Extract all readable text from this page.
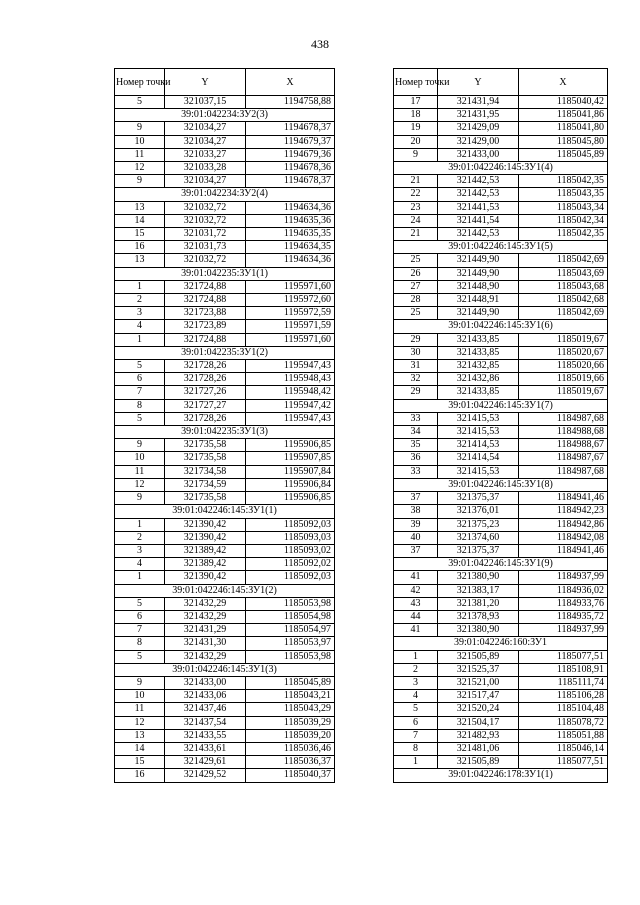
438
Номер точки	Y	X
5	321037,15	1194758,88
39:01:042234:ЗУ2(3)		
9	321034,27	1194678,37
10	321034,27	1194679,37
11	321033,27	1194679,36
12	321033,28	1194678,36
9	321034,27	1194678,37
39:01:042234:ЗУ2(4)		
13	321032,72	1194634,36
14	321032,72	1194635,36
15	321031,72	1194635,35
16	321031,73	1194634,35
13	321032,72	1194634,36
39:01:042235:ЗУ1(1)		
1	321724,88	1195971,60
2	321724,88	1195972,60
3	321723,88	1195972,59
4	321723,89	1195971,59
1	321724,88	1195971,60
39:01:042235:ЗУ1(2)		
5	321728,26	1195947,43
6	321728,26	1195948,43
7	321727,26	1195948,42
8	321727,27	1195947,42
5	321728,26	1195947,43
39:01:042235:ЗУ1(3)		
9	321735,58	1195906,85
10	321735,58	1195907,85
11	321734,58	1195907,84
12	321734,59	1195906,84
9	321735,58	1195906,85
39:01:042246:145:ЗУ1(1)		
1	321390,42	1185092,03
2	321390,42	1185093,03
3	321389,42	1185093,02
4	321389,42	1185092,02
1	321390,42	1185092,03
39:01:042246:145:ЗУ1(2)		
5	321432,29	1185053,98
6	321432,29	1185054,98
7	321431,29	1185054,97
8	321431,30	1185053,97
5	321432,29	1185053,98
39:01:042246:145:ЗУ1(3)		
9	321433,00	1185045,89
10	321433,06	1185043,21
11	321437,46	1185043,29
12	321437,54	1185039,29
13	321433,55	1185039,20
14	321433,61	1185036,46
15	321429,61	1185036,37
16	321429,52	1185040,37
Номер точки	Y	X
17	321431,94	1185040,42
18	321431,95	1185041,86
19	321429,09	1185041,80
20	321429,00	1185045,80
9	321433,00	1185045,89
39:01:042246:145:ЗУ1(4)		
21	321442,53	1185042,35
22	321442,53	1185043,35
23	321441,53	1185043,34
24	321441,54	1185042,34
21	321442,53	1185042,35
39:01:042246:145:ЗУ1(5)		
25	321449,90	1185042,69
26	321449,90	1185043,69
27	321448,90	1185043,68
28	321448,91	1185042,68
25	321449,90	1185042,69
39:01:042246:145:ЗУ1(6)		
29	321433,85	1185019,67
30	321433,85	1185020,67
31	321432,85	1185020,66
32	321432,86	1185019,66
29	321433,85	1185019,67
39:01:042246:145:ЗУ1(7)		
33	321415,53	1184987,68
34	321415,53	1184988,68
35	321414,53	1184988,67
36	321414,54	1184987,67
33	321415,53	1184987,68
39:01:042246:145:ЗУ1(8)		
37	321375,37	1184941,46
38	321376,01	1184942,23
39	321375,23	1184942,86
40	321374,60	1184942,08
37	321375,37	1184941,46
39:01:042246:145:ЗУ1(9)		
41	321380,90	1184937,99
42	321383,17	1184936,02
43	321381,20	1184933,76
44	321378,93	1184935,72
41	321380,90	1184937,99
39:01:042246:160:ЗУ1		
1	321505,89	1185077,51
2	321525,37	1185108,91
3	321521,00	1185111,74
4	321517,47	1185106,28
5	321520,24	1185104,48
6	321504,17	1185078,72
7	321482,93	1185051,88
8	321481,06	1185046,14
1	321505,89	1185077,51
39:01:042246:178:ЗУ1(1)		
